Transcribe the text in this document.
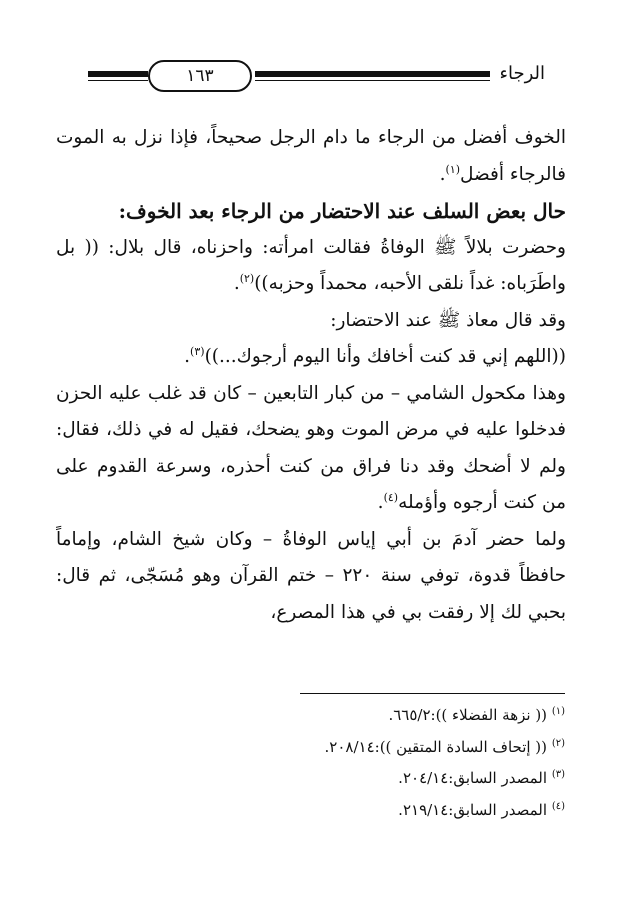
١٦٣	الرجاء

الخوف أفضل من الرجاء ما دام الرجل صحيحاً، فإذا نزل به الموت فالرجاء أفضل$^{(١)}$.

حال بعض السلف عند الاحتضار من الرجاء بعد الخوف:

وحضرت بلالاً ﷺ الوفاةُ فقالت امرأته: واحزناه، قال بلال: (( بل واطَرَباه: غداً نلقى الأحبه، محمداً وحزبه))$^{(٢)}$.

وقد قال معاذ ﷺ عند الاحتضار:

((اللهم إني قد كنت أخافك وأنا اليوم أرجوك...))$^{(٣)}$.

وهذا مكحول الشامي – من كبار التابعين – كان قد غلب عليه الحزن فدخلوا عليه في مرض الموت وهو يضحك، فقيل له في ذلك، فقال: ولم لا أضحك وقد دنا فراق من كنت أحذره، وسرعة القدوم على من كنت أرجوه وأؤمله$^{(٤)}$.

ولما حضر آدمَ بن أبي إياس الوفاةُ – وكان شيخ الشام، وإماماً حافظاً قدوة، توفي سنة ٢٢٠ – ختم القرآن وهو مُسَجّى، ثم قال: بحبي لك إلا رفقت بي في هذا المصرع،

$^{(١)}$ (( نزهة الفضلاء )):٦٦٥/٢.

$^{(٢)}$ (( إتحاف السادة المتقين )):٢٠٨/١٤.

$^{(٣)}$ المصدر السابق:٢٠٤/١٤.

$^{(٤)}$ المصدر السابق:٢١٩/١٤.
